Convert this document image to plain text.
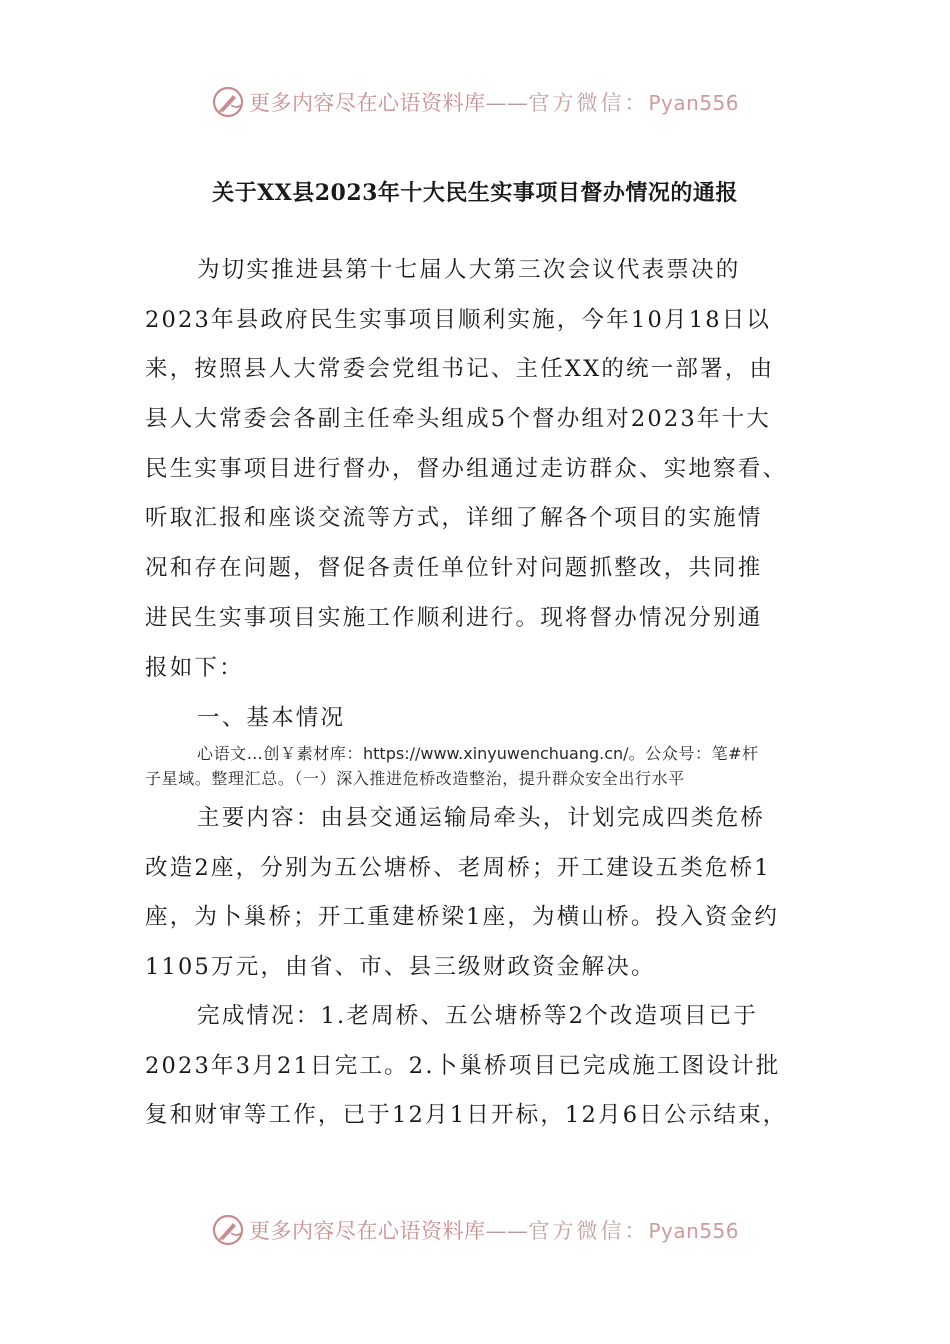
更多内容尽在心语资料库——官方微信：Pyan556
关于XX县2023年十大民生实事项目督办情况的通报
为切实推进县第十七届人大第三次会议代表票决的
2023年县政府民生实事项目顺利实施，今年10月18日以
来，按照县人大常委会党组书记、主任XX的统一部署，由
县人大常委会各副主任牵头组成5个督办组对2023年十大
民生实事项目进行督办，督办组通过走访群众、实地察看、
听取汇报和座谈交流等方式，详细了解各个项目的实施情
况和存在问题，督促各责任单位针对问题抓整改，共同推
进民生实事项目实施工作顺利进行。现将督办情况分别通
报如下：
一、基本情况
心语文…创￥素材库：https://www.xinyuwenchuang.cn/。公众号：笔#杆
子星域。整理汇总。（一）深入推进危桥改造整治，提升群众安全出行水平
主要内容：由县交通运输局牵头，计划完成四类危桥
改造2座，分别为五公塘桥、老周桥；开工建设五类危桥1
座，为卜巢桥；开工重建桥梁1座，为横山桥。投入资金约
1105万元，由省、市、县三级财政资金解决。
完成情况：1.老周桥、五公塘桥等2个改造项目已于
2023年3月21日完工。2.卜巢桥项目已完成施工图设计批
复和财审等工作，已于12月1日开标，12月6日公示结束，
更多内容尽在心语资料库——官方微信：Pyan556
